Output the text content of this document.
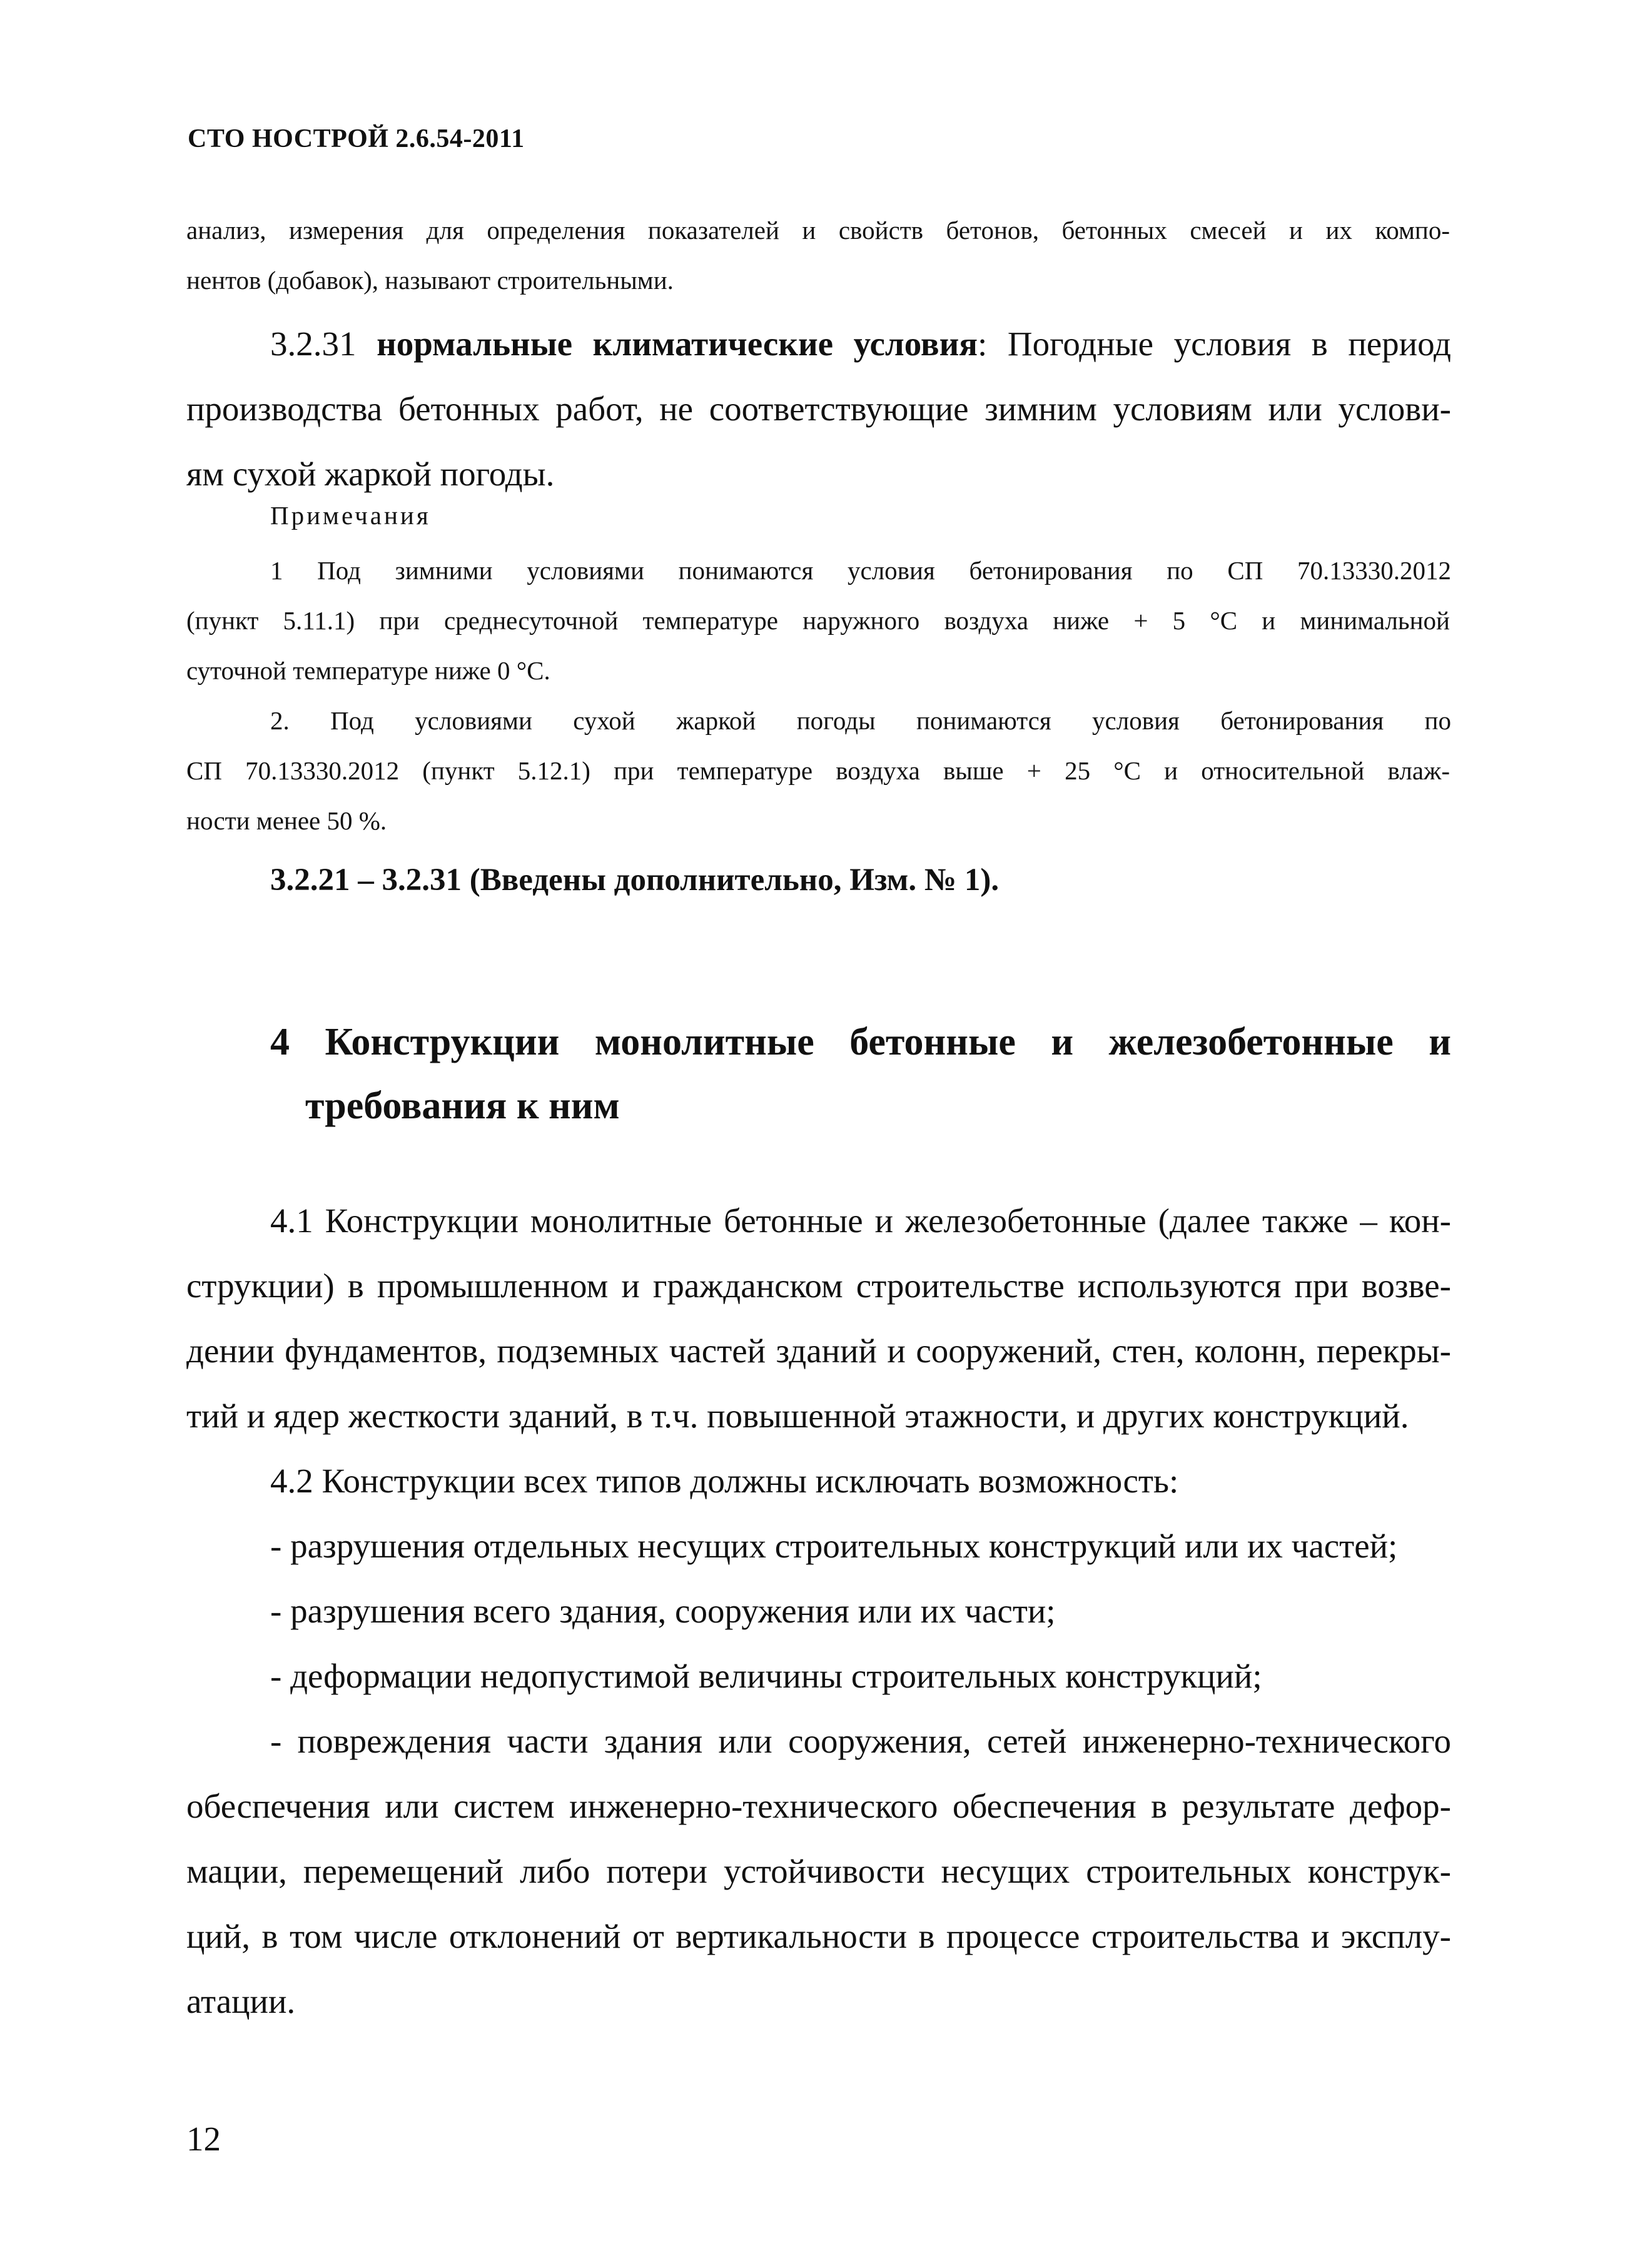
СТО НОСТРОЙ 2.6.54-2011
анализ, измерения для определения показателей и свойств бетонов, бетонных смесей и их компо-
нентов (добавок), называют строительными.
3.2.31 нормальные климатические условия: Погодные условия в период
производства бетонных работ, не соответствующие зимним условиям или услови-
ям сухой жаркой погоды.
Примечания
1 Под зимними условиями понимаются условия бетонирования по СП 70.13330.2012
(пункт 5.11.1) при среднесуточной температуре наружного воздуха ниже + 5 °С и минимальной
суточной температуре ниже 0 °С.
2. Под условиями сухой жаркой погоды понимаются условия бетонирования по
СП 70.13330.2012 (пункт 5.12.1) при температуре воздуха выше + 25 °С и относительной влаж-
ности менее 50 %.
3.2.21 – 3.2.31 (Введены дополнительно, Изм. № 1).
4 Конструкции монолитные бетонные и железобетонные и
требования к ним
4.1 Конструкции монолитные бетонные и железобетонные (далее также – кон-
струкции) в промышленном и гражданском строительстве используются при возве-
дении фундаментов, подземных частей зданий и сооружений, стен, колонн, перекры-
тий и ядер жесткости зданий, в т.ч. повышенной этажности, и других конструкций.
4.2 Конструкции всех типов должны исключать возможность:
- разрушения отдельных несущих строительных конструкций или их частей;
- разрушения всего здания, сооружения или их части;
- деформации недопустимой величины строительных конструкций;
- повреждения части здания или сооружения, сетей инженерно-технического
обеспечения или систем инженерно-технического обеспечения в результате дефор-
мации, перемещений либо потери устойчивости несущих строительных конструк-
ций, в том числе отклонений от вертикальности в процессе строительства и эксплу-
атации.
12
